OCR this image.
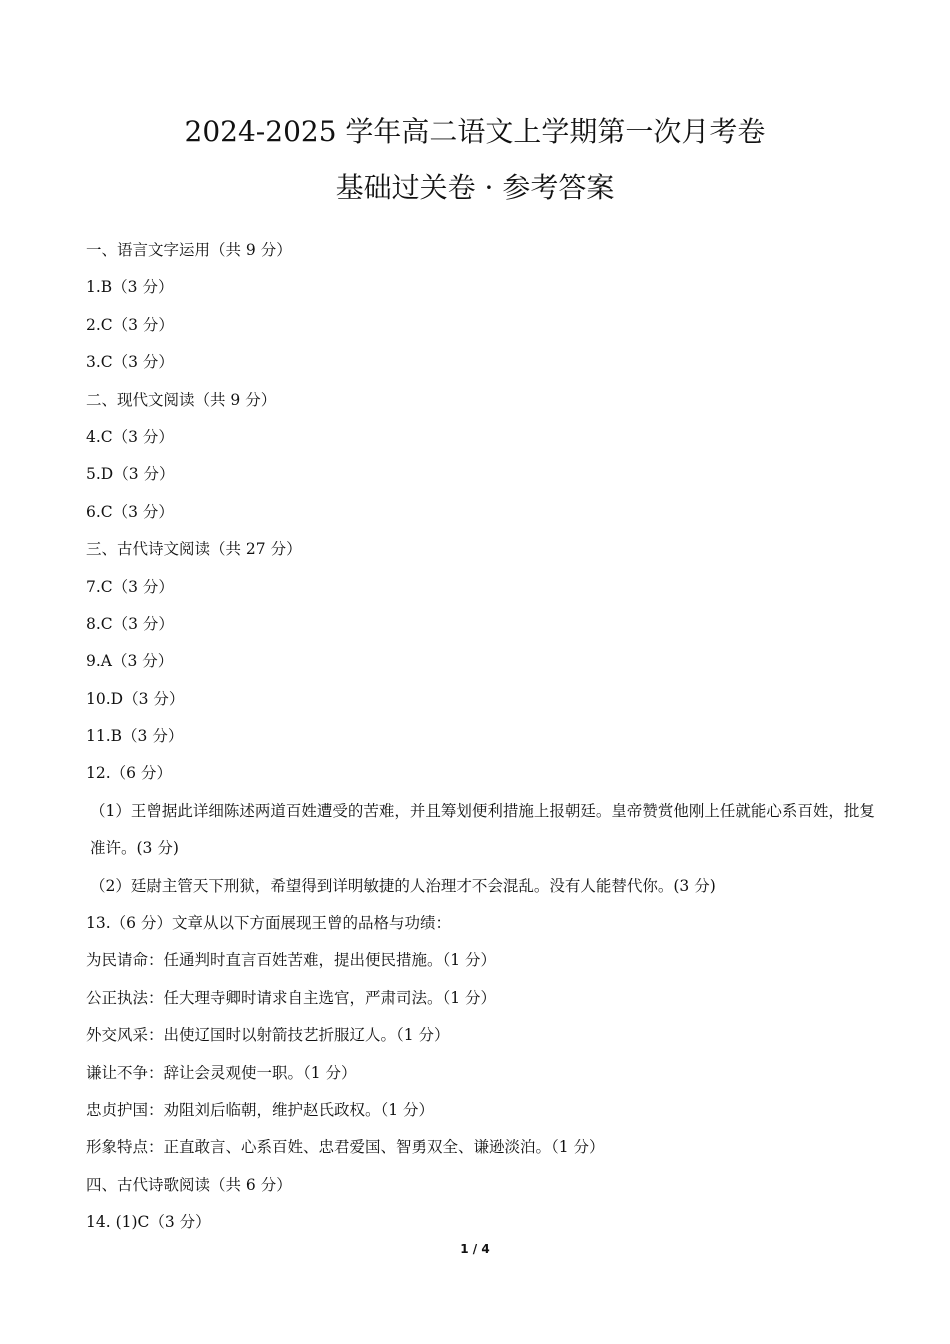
2024-2025 学年高二语文上学期第一次月考卷
基础过关卷 · 参考答案
一、语言文字运用（共 9 分）
1.B（3 分）
2.C（3 分）
3.C（3 分）
二、现代文阅读（共 9 分）
4.C（3 分）
5.D（3 分）
6.C（3 分）
三、古代诗文阅读（共 27 分）
7.C（3 分）
8.C（3 分）
9.A（3 分）
10.D（3 分）
11.B（3 分）
12.（6 分）
（1）王曾据此详细陈述两道百姓遭受的苦难，并且筹划便利措施上报朝廷。皇帝赞赏他刚上任就能心系百姓，批复准许。(3 分)
（2）廷尉主管天下刑狱，希望得到详明敏捷的人治理才不会混乱。没有人能替代你。(3 分)
13.（6 分）文章从以下方面展现王曾的品格与功绩：
为民请命：任通判时直言百姓苦难，提出便民措施。（1 分）
公正执法：任大理寺卿时请求自主选官，严肃司法。（1 分）
外交风采：出使辽国时以射箭技艺折服辽人。（1 分）
谦让不争：辞让会灵观使一职。（1 分）
忠贞护国：劝阻刘后临朝，维护赵氏政权。（1 分）
形象特点：正直敢言、心系百姓、忠君爱国、智勇双全、谦逊淡泊。（1 分）
四、古代诗歌阅读（共 6 分）
14. (1)C（3 分）
1 / 4
